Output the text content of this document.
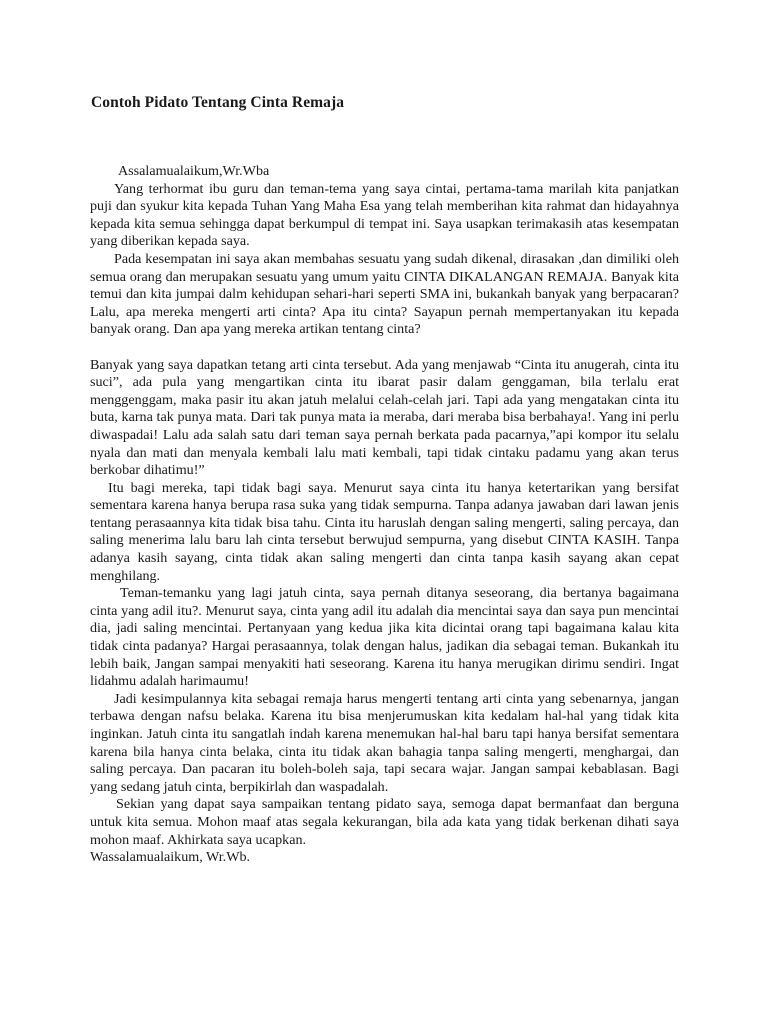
Contoh Pidato Tentang Cinta Remaja

Assalamualaikum,Wr.Wba

Yang terhormat ibu guru dan teman-tema yang saya cintai, pertama-tama marilah kita panjatkan puji dan syukur kita kepada Tuhan Yang Maha Esa yang telah memberihan kita rahmat dan hidayahnya kepada kita semua sehingga dapat berkumpul di tempat ini. Saya usapkan terimakasih atas kesempatan yang diberikan kepada saya.

Pada kesempatan ini saya akan membahas sesuatu yang sudah dikenal, dirasakan ,dan dimiliki oleh semua orang dan merupakan sesuatu yang umum yaitu CINTA DIKALANGAN REMAJA. Banyak kita temui dan kita jumpai dalm kehidupan sehari-hari seperti SMA ini, bukankah banyak yang berpacaran? Lalu, apa mereka mengerti arti cinta? Apa itu cinta? Sayapun pernah mempertanyakan itu kepada banyak orang. Dan apa yang mereka artikan tentang cinta?

Banyak yang saya dapatkan tetang arti cinta tersebut. Ada yang menjawab “Cinta itu anugerah, cinta itu suci”, ada pula yang mengartikan cinta itu ibarat pasir dalam genggaman, bila terlalu erat menggenggam, maka pasir itu akan jatuh melalui celah-celah jari. Tapi ada yang mengatakan cinta itu buta, karna tak punya mata. Dari tak punya mata ia meraba, dari meraba bisa berbahaya!. Yang ini perlu diwaspadai! Lalu ada salah satu dari teman saya pernah berkata pada pacarnya,”api kompor itu selalu nyala dan mati dan menyala kembali lalu mati kembali, tapi tidak cintaku padamu yang akan terus berkobar dihatimu!”

Itu bagi mereka, tapi tidak bagi saya. Menurut saya cinta itu hanya ketertarikan yang bersifat sementara karena hanya berupa rasa suka yang tidak sempurna. Tanpa adanya jawaban dari lawan jenis tentang perasaannya kita tidak bisa tahu. Cinta itu haruslah dengan saling mengerti, saling percaya, dan saling menerima lalu baru lah cinta tersebut berwujud sempurna, yang disebut CINTA KASIH. Tanpa adanya kasih sayang, cinta tidak akan saling mengerti dan cinta tanpa kasih sayang akan cepat menghilang.

Teman-temanku yang lagi jatuh cinta, saya pernah ditanya seseorang, dia bertanya bagaimana cinta yang adil itu?. Menurut saya, cinta yang adil itu adalah dia mencintai saya dan saya pun mencintai dia, jadi saling mencintai. Pertanyaan yang kedua jika kita dicintai orang tapi bagaimana kalau kita tidak cinta padanya? Hargai perasaannya, tolak dengan halus, jadikan dia sebagai teman. Bukankah itu lebih baik, Jangan sampai menyakiti hati seseorang. Karena itu hanya merugikan dirimu sendiri. Ingat lidahmu adalah harimaumu!

Jadi kesimpulannya kita sebagai remaja harus mengerti tentang arti cinta yang sebenarnya, jangan terbawa dengan nafsu belaka. Karena itu bisa menjerumuskan kita kedalam hal-hal yang tidak kita inginkan. Jatuh cinta itu sangatlah indah karena menemukan hal-hal baru tapi hanya bersifat sementara karena bila hanya cinta belaka, cinta itu tidak akan bahagia tanpa saling mengerti, menghargai, dan saling percaya. Dan pacaran itu boleh-boleh saja, tapi secara wajar. Jangan sampai kebablasan. Bagi yang sedang jatuh cinta, berpikirlah dan waspadalah.

Sekian yang dapat saya sampaikan tentang pidato saya, semoga dapat bermanfaat dan berguna untuk kita semua. Mohon maaf atas segala kekurangan, bila ada kata yang tidak berkenan dihati saya mohon maaf. Akhirkata saya ucapkan.

Wassalamualaikum, Wr.Wb.
